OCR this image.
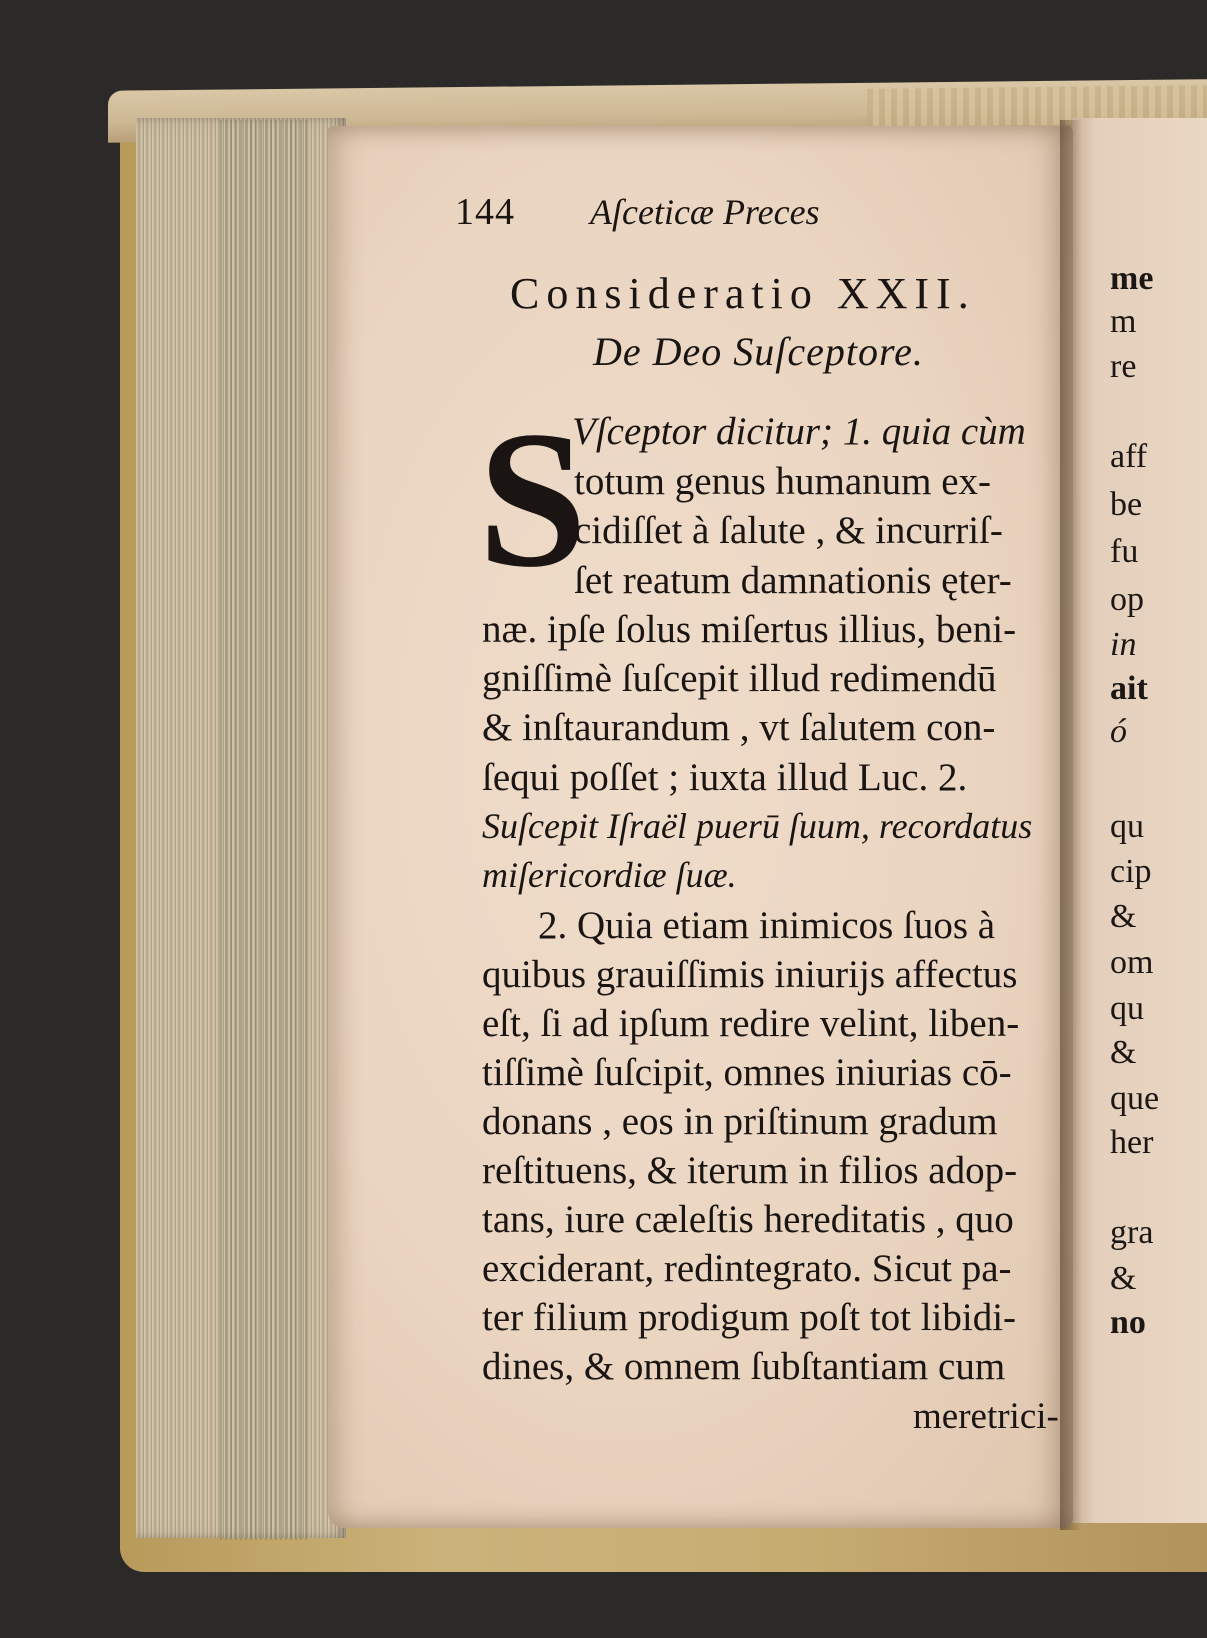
me
m
re
aff
be
fu
op
in
ait
ó
qu
cip
&
om
qu
&
que
her
gra
&
no
144 Aſceticæ Preces
Consideratio XXII.
De Deo Suſceptore.
S
Vſceptor dicitur; 1. quia cùm
totum genus humanum ex-
cidiſſet à ſalute , & incurriſ-
ſet reatum damnationis ęter-
næ. ipſe ſolus miſertus illius, beni-
gniſſimè ſuſcepit illud redimendū
& inſtaurandum , vt ſalutem con-
ſequi poſſet ; iuxta illud Luc. 2.
Suſcepit Iſraël puerū ſuum, recordatus
miſericordiæ ſuæ.
2. Quia etiam inimicos ſuos à
quibus grauiſſimis iniurijs affectus
eſt, ſi ad ipſum redire velint, liben-
tiſſimè ſuſcipit, omnes iniurias cō-
donans , eos in priſtinum gradum
reſtituens, & iterum in filios adop-
tans, iure cæleſtis hereditatis , quo
exciderant, redintegrato. Sicut pa-
ter filium prodigum poſt tot libidi-
dines, & omnem ſubſtantiam cum
meretrici-
